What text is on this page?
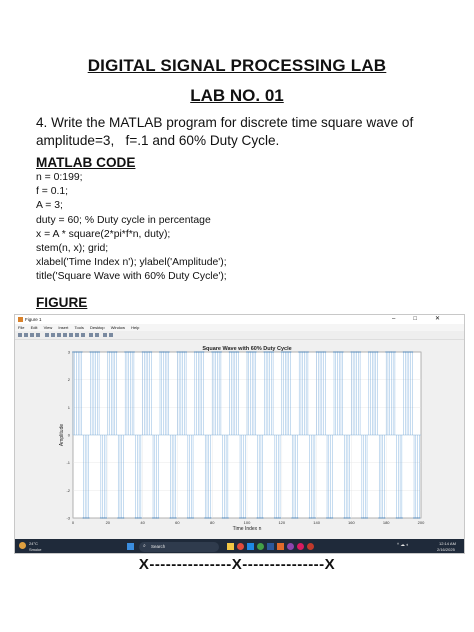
DIGITAL SIGNAL PROCESSING LAB
LAB NO. 01
4. Write the MATLAB program for discrete time square wave of
amplitude=3,   f=.1 and 60% Duty Cycle.
MATLAB CODE
n = 0:199;
f = 0.1;
A = 3;
duty = 60; % Duty cycle in percentage
x = A * square(2*pi*f*n, duty);
stem(n, x); grid;
xlabel('Time Index n'); ylabel('Amplitude');
title('Square Wave with 60% Duty Cycle');
FIGURE
Figure 1	–□✕
File Edit View Insert Tools Desktop Window Help
0	20	40	60	80	100	120	140	160	180	200
3
2
1
0
-1
-2
-3
Square Wave with 60% Duty Cycle
Time Index n
Amplitude
24°C
Smoke
⌕ Search	^ ☁ ◐	12:14 AM
2/16/2025
X---------------X---------------X
